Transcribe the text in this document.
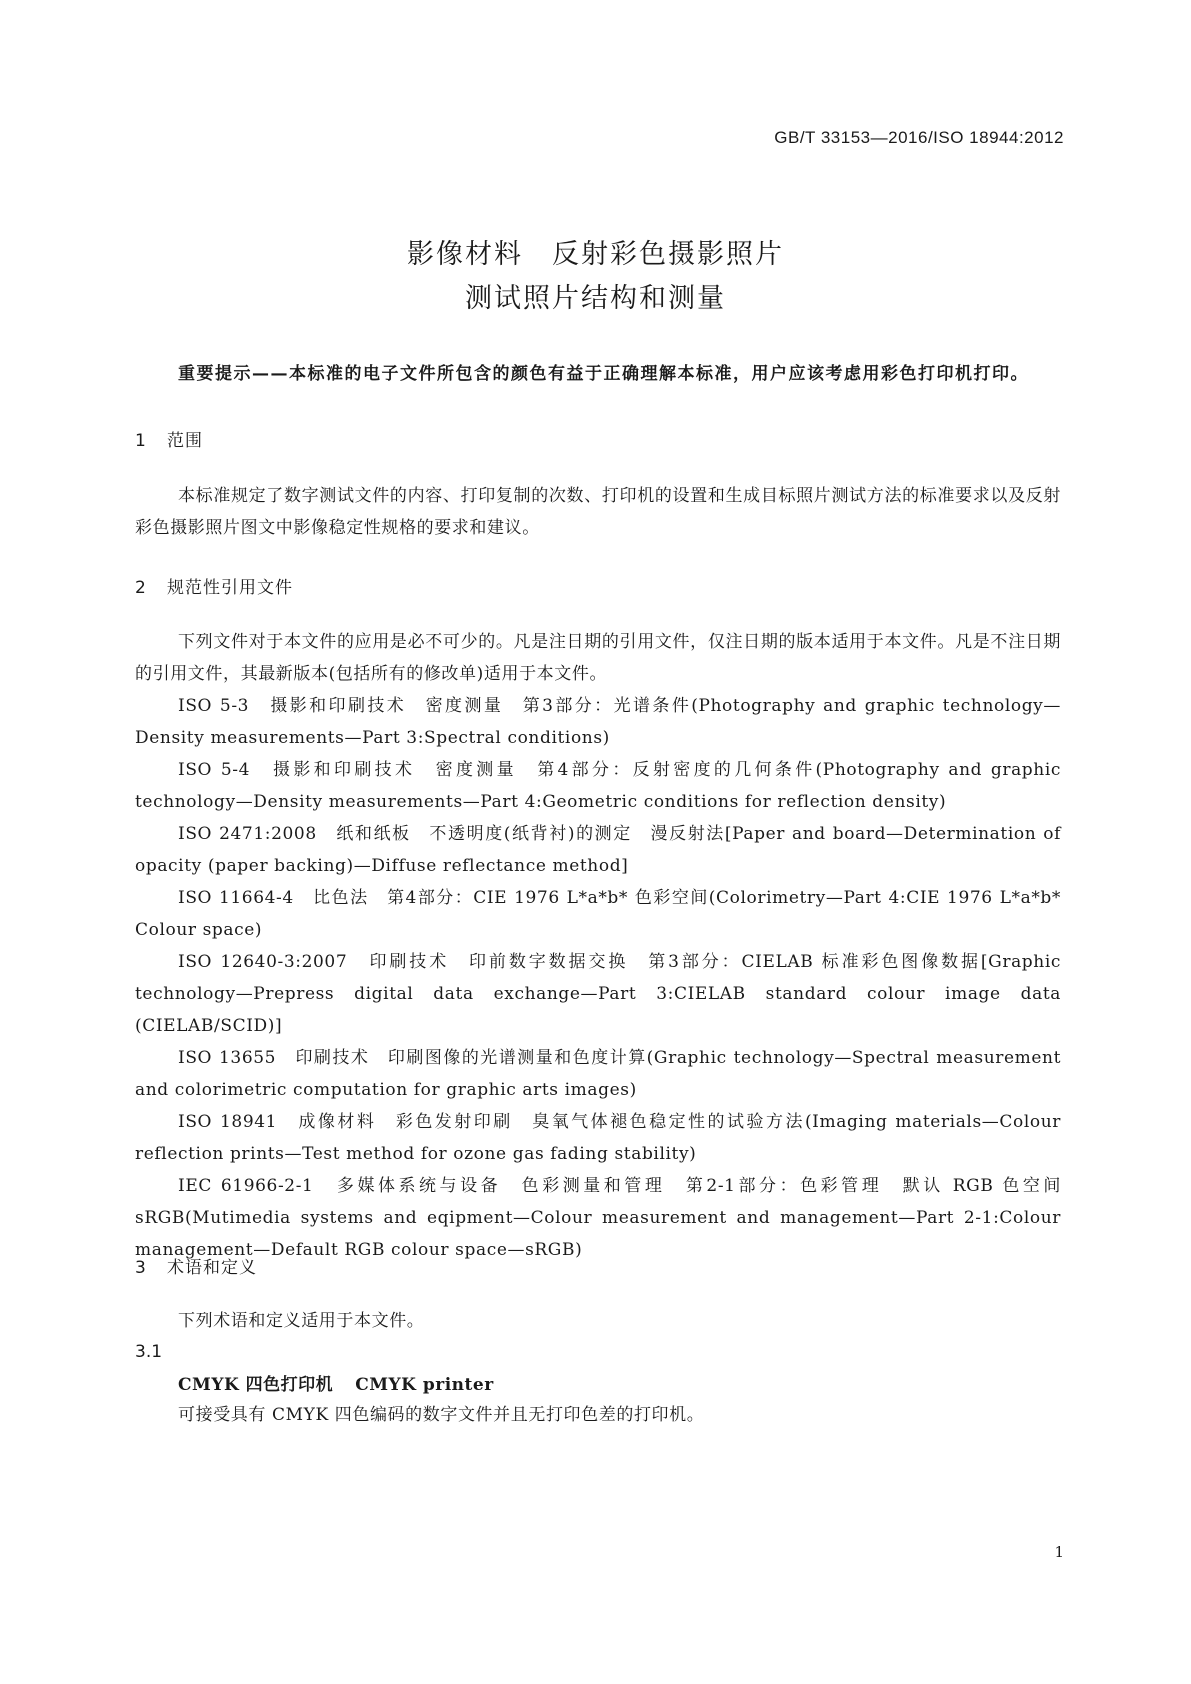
GB/T 33153—2016/ISO 18944:2012
影像材料　反射彩色摄影照片
测试照片结构和测量
重要提示——本标准的电子文件所包含的颜色有益于正确理解本标准，用户应该考虑用彩色打印机打印。
1 范围

本标准规定了数字测试文件的内容、打印复制的次数、打印机的设置和生成目标照片测试方法的标准要求以及反射彩色摄影照片图文中影像稳定性规格的要求和建议。

2 规范性引用文件

下列文件对于本文件的应用是必不可少的。凡是注日期的引用文件，仅注日期的版本适用于本文件。凡是不注日期的引用文件，其最新版本(包括所有的修改单)适用于本文件。

ISO 5-3　摄影和印刷技术　密度测量　第3部分：光谱条件(Photography and graphic technology—Density measurements—Part 3:Spectral conditions)

ISO 5-4　摄影和印刷技术　密度测量　第4部分：反射密度的几何条件(Photography and graphic technology—Density measurements—Part 4:Geometric conditions for reflection density)

ISO 2471:2008　纸和纸板　不透明度(纸背衬)的测定　漫反射法[Paper and board—Determination of opacity (paper backing)—Diffuse reflectance method]

ISO 11664-4　比色法　第4部分：CIE 1976 L*a*b* 色彩空间(Colorimetry—Part 4:CIE 1976 L*a*b* Colour space)

ISO 12640-3:2007　印刷技术　印前数字数据交换　第3部分：CIELAB 标准彩色图像数据[Graphic technology—Prepress digital data exchange—Part 3:CIELAB standard colour image data (CIELAB/SCID)]

ISO 13655　印刷技术　印刷图像的光谱测量和色度计算(Graphic technology—Spectral measurement and colorimetric computation for graphic arts images)

ISO 18941　成像材料　彩色发射印刷　臭氧气体褪色稳定性的试验方法(Imaging materials—Colour reflection prints—Test method for ozone gas fading stability)

IEC 61966-2-1　多媒体系统与设备　色彩测量和管理　第2-1部分：色彩管理　默认 RGB 色空间 sRGB(Mutimedia systems and eqipment—Colour measurement and management—Part 2-1:Colour management—Default RGB colour space—sRGB)

3 术语和定义

下列术语和定义适用于本文件。

3.1
CMYK 四色打印机 CMYK printer
可接受具有 CMYK 四色编码的数字文件并且无打印色差的打印机。
1
